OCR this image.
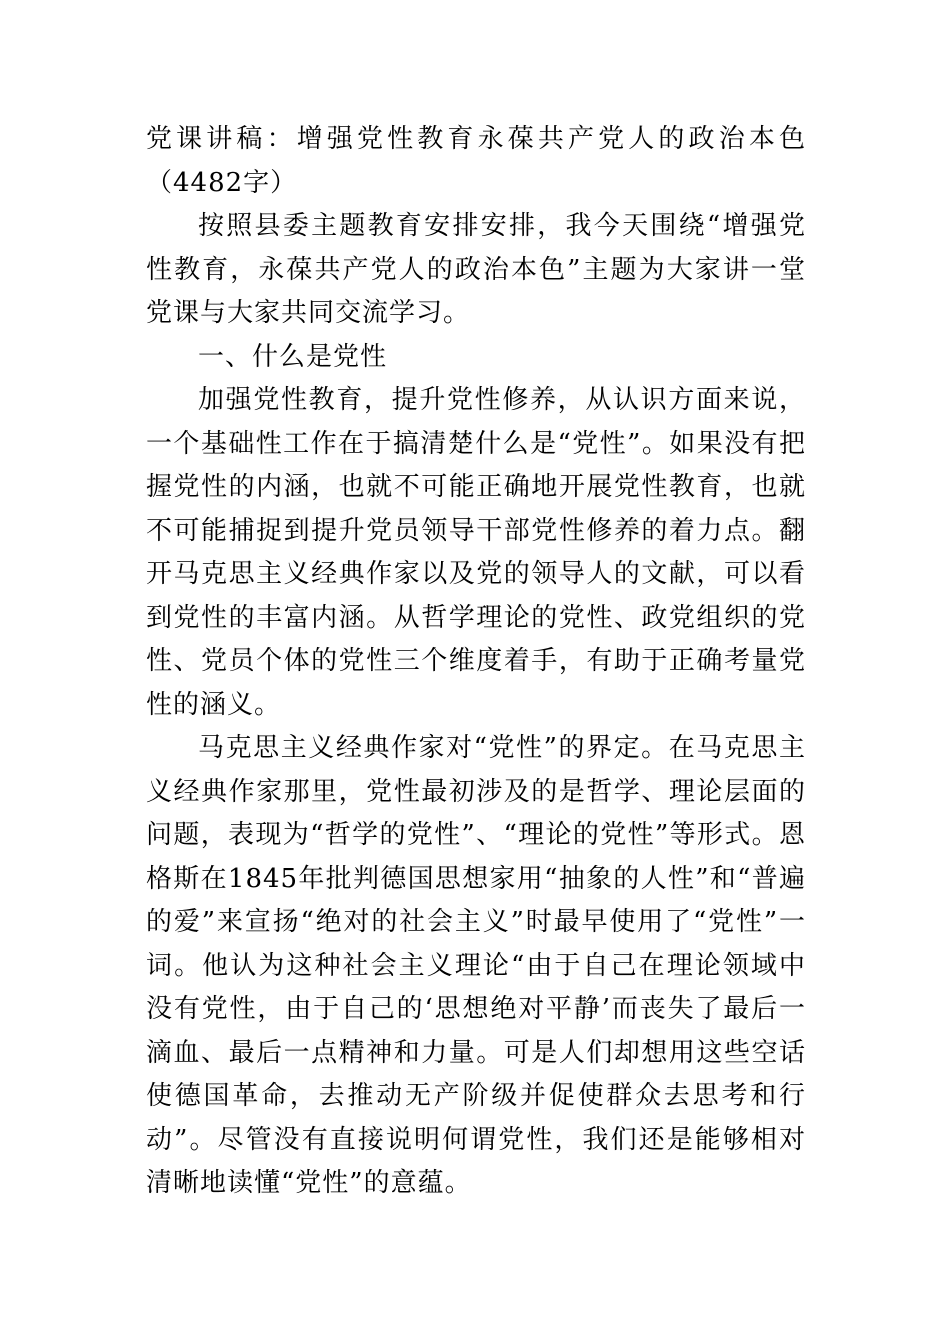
党课讲稿：增强党性教育永葆共产党人的政治本色（4482字）

按照县委主题教育安排安排，我今天围绕“增强党性教育，永葆共产党人的政治本色”主题为大家讲一堂党课与大家共同交流学习。

一、什么是党性

加强党性教育，提升党性修养，从认识方面来说，一个基础性工作在于搞清楚什么是“党性”。如果没有把握党性的内涵，也就不可能正确地开展党性教育，也就不可能捕捉到提升党员领导干部党性修养的着力点。翻开马克思主义经典作家以及党的领导人的文献，可以看到党性的丰富内涵。从哲学理论的党性、政党组织的党性、党员个体的党性三个维度着手，有助于正确考量党性的涵义。

马克思主义经典作家对“党性”的界定。在马克思主义经典作家那里，党性最初涉及的是哲学、理论层面的问题，表现为“哲学的党性”、“理论的党性”等形式。恩格斯在1845年批判德国思想家用“抽象的人性”和“普遍的爱”来宣扬“绝对的社会主义”时最早使用了“党性”一词。他认为这种社会主义理论“由于自己在理论领域中没有党性，由于自己的‘思想绝对平静’而丧失了最后一滴血、最后一点精神和力量。可是人们却想用这些空话使德国革命，去推动无产阶级并促使群众去思考和行动”。尽管没有直接说明何谓党性，我们还是能够相对清晰地读懂“党性”的意蕴。
